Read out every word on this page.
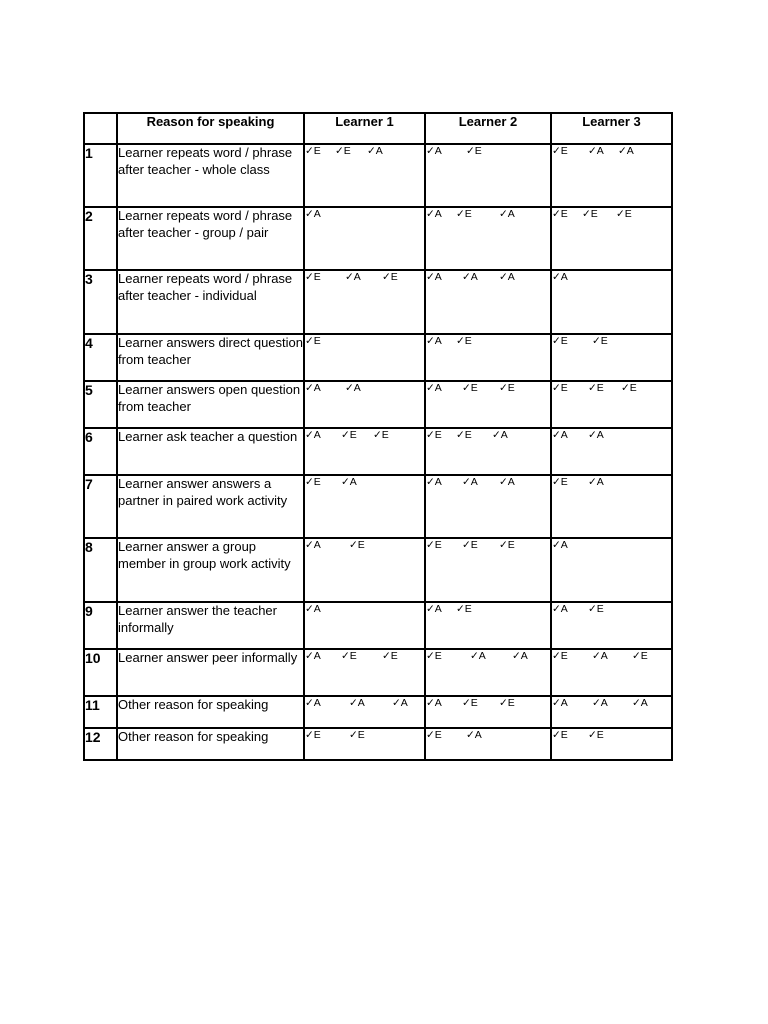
	Reason for speaking	Learner 1	Learner 2	Learner 3
1	Learner repeats word / phrase after teacher - whole class	✓E ✓E ✓A	✓A ✓E	✓E ✓A ✓A

2	Learner repeats word / phrase after teacher - group / pair	✓A	✓A ✓E ✓A	✓E ✓E ✓E

3	Learner repeats word / phrase after teacher - individual	✓E ✓A ✓E	✓A ✓A ✓A	✓A

4	Learner answers direct question from teacher	✓E	✓A ✓E	✓E ✓E

5	Learner answers open question from teacher	✓A ✓A	✓A ✓E ✓E	✓E ✓E ✓E

6	Learner ask teacher a question	✓A ✓E ✓E	✓E ✓E ✓A	✓A ✓A

7	Learner answer answers a partner in paired work activity	✓E ✓A	✓A ✓A ✓A	✓E ✓A

8	Learner answer a group member in group work activity	✓A ✓E	✓E ✓E ✓E	✓A

9	Learner answer the teacher informally	✓A	✓A ✓E	✓A ✓E

10	Learner answer peer informally	✓A ✓E ✓E	✓E ✓A ✓A	✓E ✓A ✓E

11	Other reason for speaking	✓A ✓A ✓A	✓A ✓E ✓E	✓A ✓A ✓A

12	Other reason for speaking	✓E ✓E	✓E ✓A	✓E ✓E
